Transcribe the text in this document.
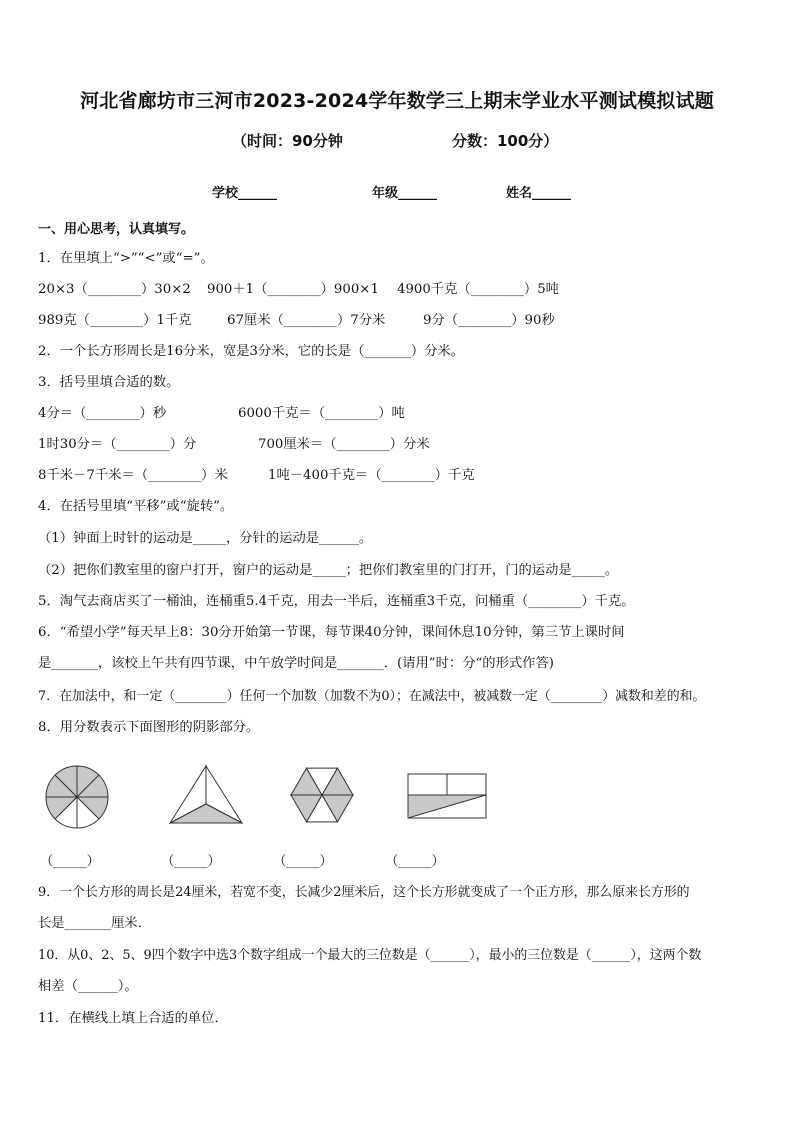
河北省廊坊市三河市2023-2024学年数学三上期末学业水平测试模拟试题
（时间：90分钟	分数：100分）
学校______	年级______	姓名______
一、用心思考，认真填写。
1．在里填上“>”“<”或“=”。
20×3（________）30×2 900＋1（________）900×1 4900千克（________）5吨
989克（________）1千克	67厘米（________）7分米	9分（________）90秒
2．一个长方形周长是16分米，宽是3分米，它的长是（_______）分米。
3．括号里填合适的数。
4分＝（________）秒	6000千克＝（________）吨
1时30分＝（________）分	700厘米＝（________）分米
8千米－7千米＝（________）米	1吨－400千克＝（________）千克
4．在括号里填“平移”或“旋转”。
（1）钟面上时针的运动是_____，分针的运动是______。
（2）把你们教室里的窗户打开，窗户的运动是_____；把你们教室里的门打开，门的运动是_____。
5．淘气去商店买了一桶油，连桶重5.4千克，用去一半后，连桶重3千克，问桶重（________）千克。
6．“希望小学”每天早上8：30分开始第一节课，每节课40分钟，课间休息10分钟，第三节上课时间
是_______，该校上午共有四节课，中午放学时间是_______．(请用”时：分“的形式作答)
7．在加法中，和一定（________）任何一个加数（加数不为0）；在减法中，被减数一定（________）减数和差的和。
8．用分数表示下面图形的阴影部分。
（_____）	（_____）	（_____）	（_____）
9．一个长方形的周长是24厘米，若宽不变，长减少2厘米后，这个长方形就变成了一个正方形，那么原来长方形的
长是_______厘米．
10．从0、2、5、9四个数字中选3个数字组成一个最大的三位数是（______），最小的三位数是（______），这两个数
相差（______）。
11．在横线上填上合适的单位．
